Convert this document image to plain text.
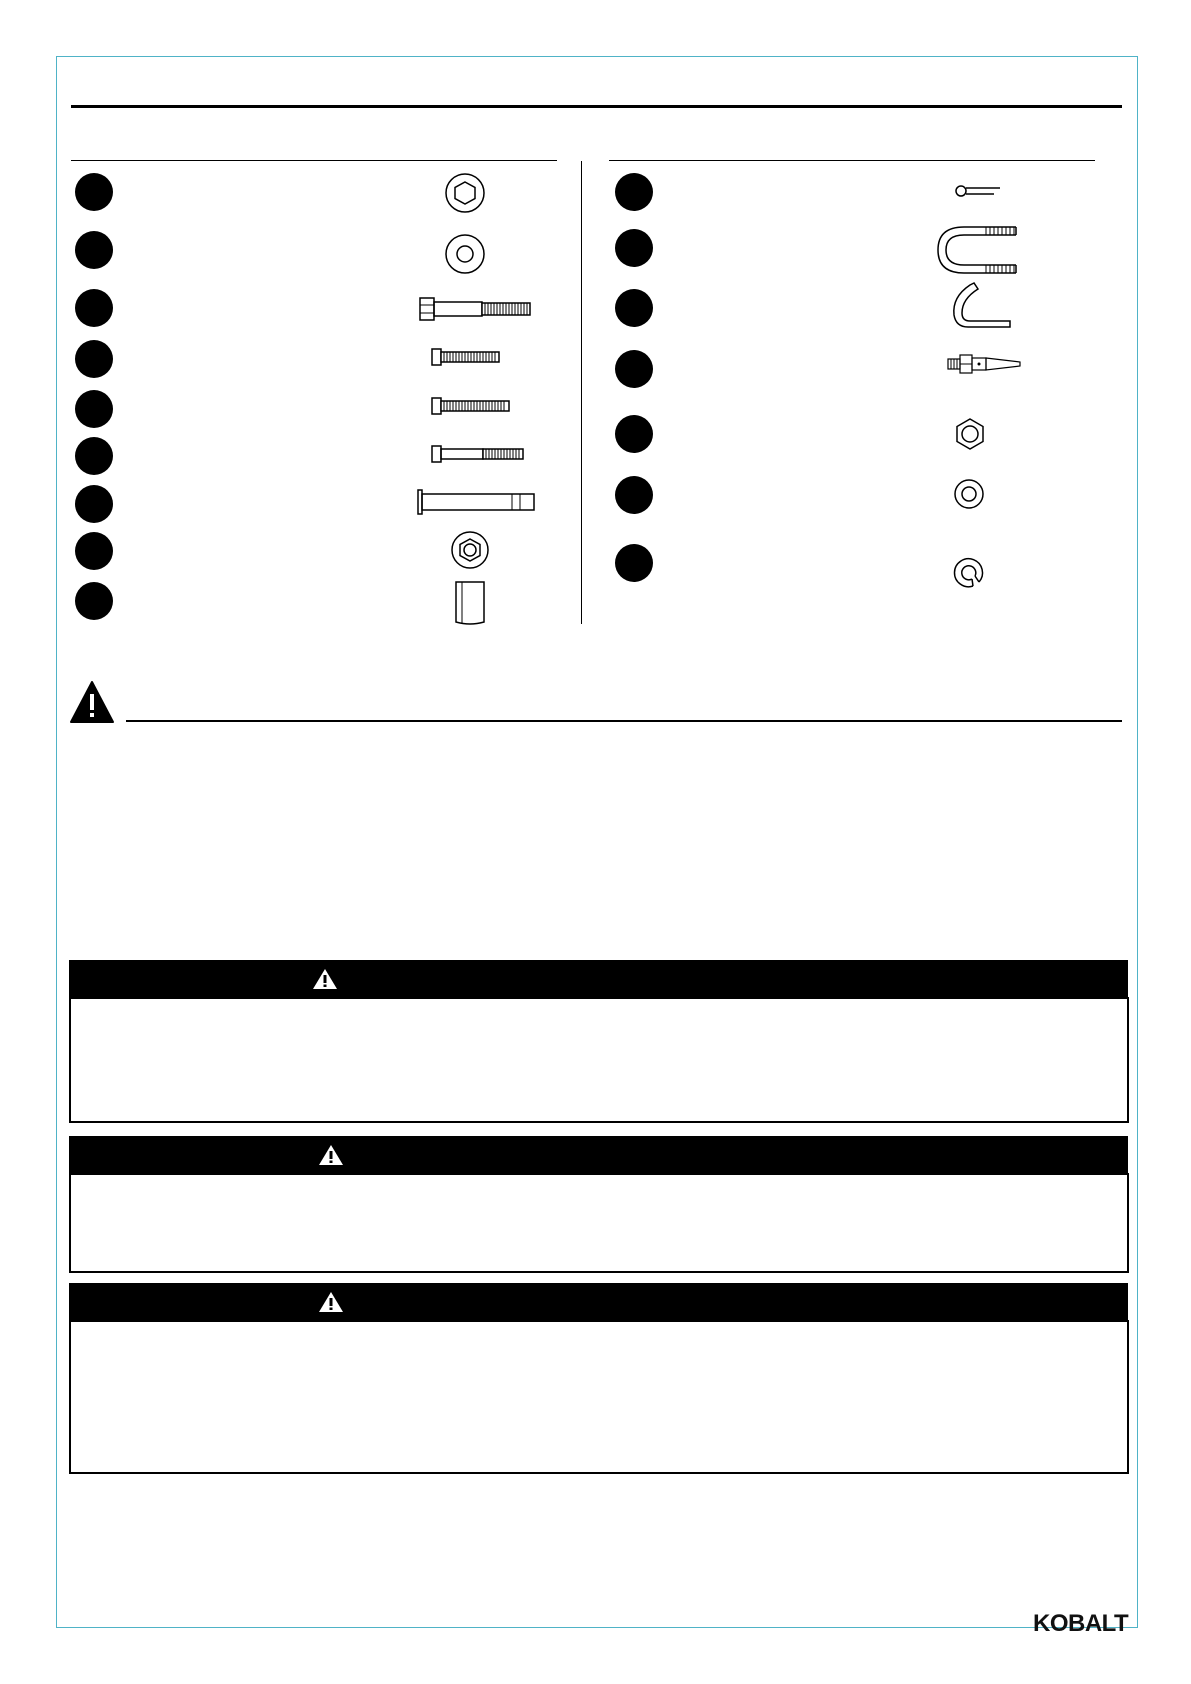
KOBALT
